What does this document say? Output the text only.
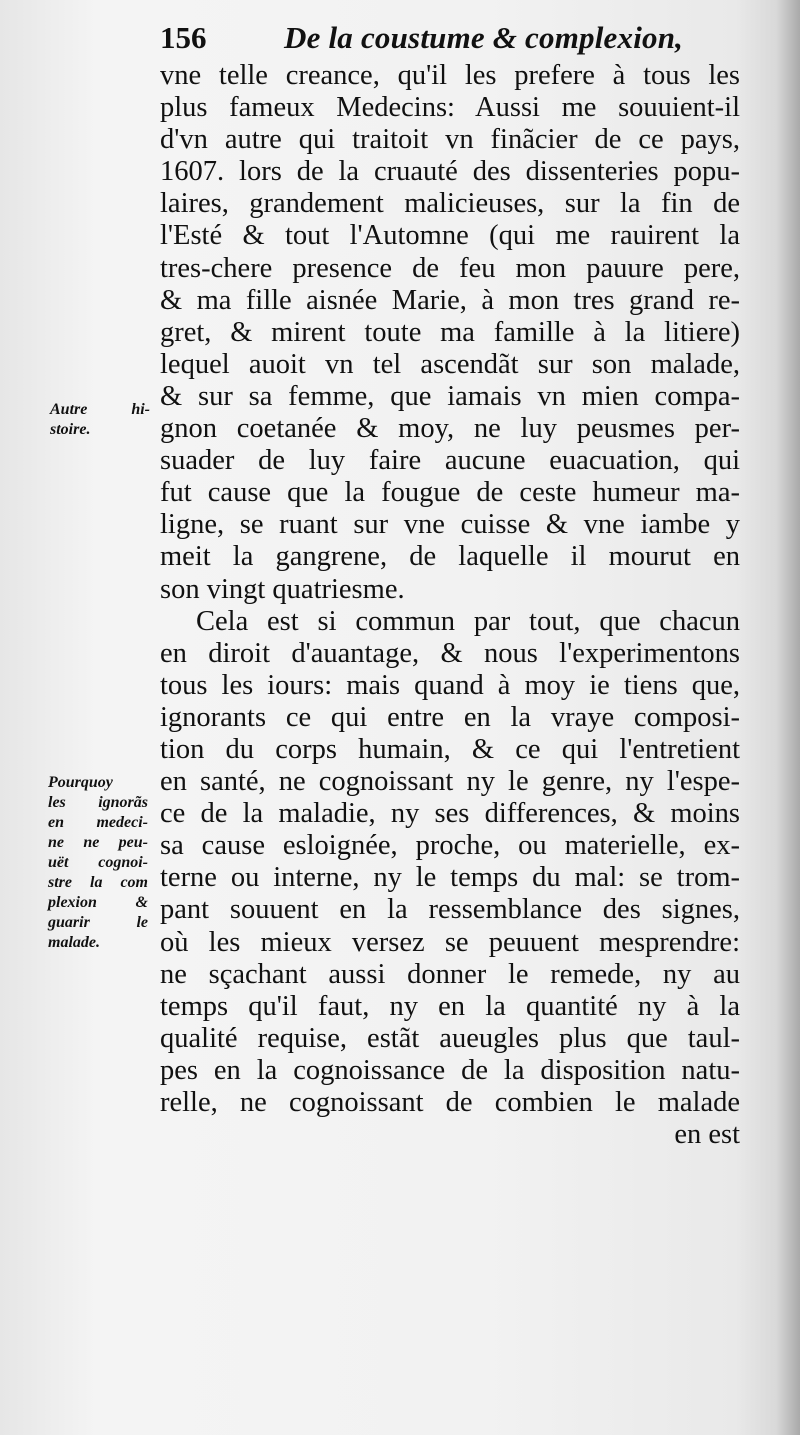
156	De la coustume & complexion,
vne telle creance, qu'il les prefere à tous les
plus fameux Medecins: Aussi me souuient-il
d'vn autre qui traitoit vn finãcier de ce pays,
1607. lors de la cruauté des dissenteries popu-
laires, grandement malicieuses, sur la fin de
l'Esté & tout l'Automne (qui me rauirent la
tres-chere presence de feu mon pauure pere,
& ma fille aisnée Marie, à mon tres grand re-
gret, & mirent toute ma famille à la litiere)
lequel auoit vn tel ascendãt sur son malade,
& sur sa femme, que iamais vn mien compa-
gnon coetanée & moy, ne luy peusmes per-
suader de luy faire aucune euacuation, qui
fut cause que la fougue de ceste humeur ma-
ligne, se ruant sur vne cuisse & vne iambe y
meit la gangrene, de laquelle il mourut en
son vingt quatriesme.
Cela est si commun par tout, que chacun
en diroit d'auantage, & nous l'experimentons
tous les iours: mais quand à moy ie tiens que,
ignorants ce qui entre en la vraye composi-
tion du corps humain, & ce qui l'entretient
en santé, ne cognoissant ny le genre, ny l'espe-
ce de la maladie, ny ses differences, & moins
sa cause esloignée, proche, ou materielle, ex-
terne ou interne, ny le temps du mal: se trom-
pant souuent en la ressemblance des signes,
où les mieux versez se peuuent mesprendre:
ne sçachant aussi donner le remede, ny au
temps qu'il faut, ny en la quantité ny à la
qualité requise, estãt aueugles plus que taul-
pes en la cognoissance de la disposition natu-
relle, ne cognoissant de combien le malade
en est
Autre hi-
stoire.
Pourquoy
les ignorãs
en medeci-
ne ne peu-
uët cognoi-
stre la com
plexion &
guarir le
malade.
